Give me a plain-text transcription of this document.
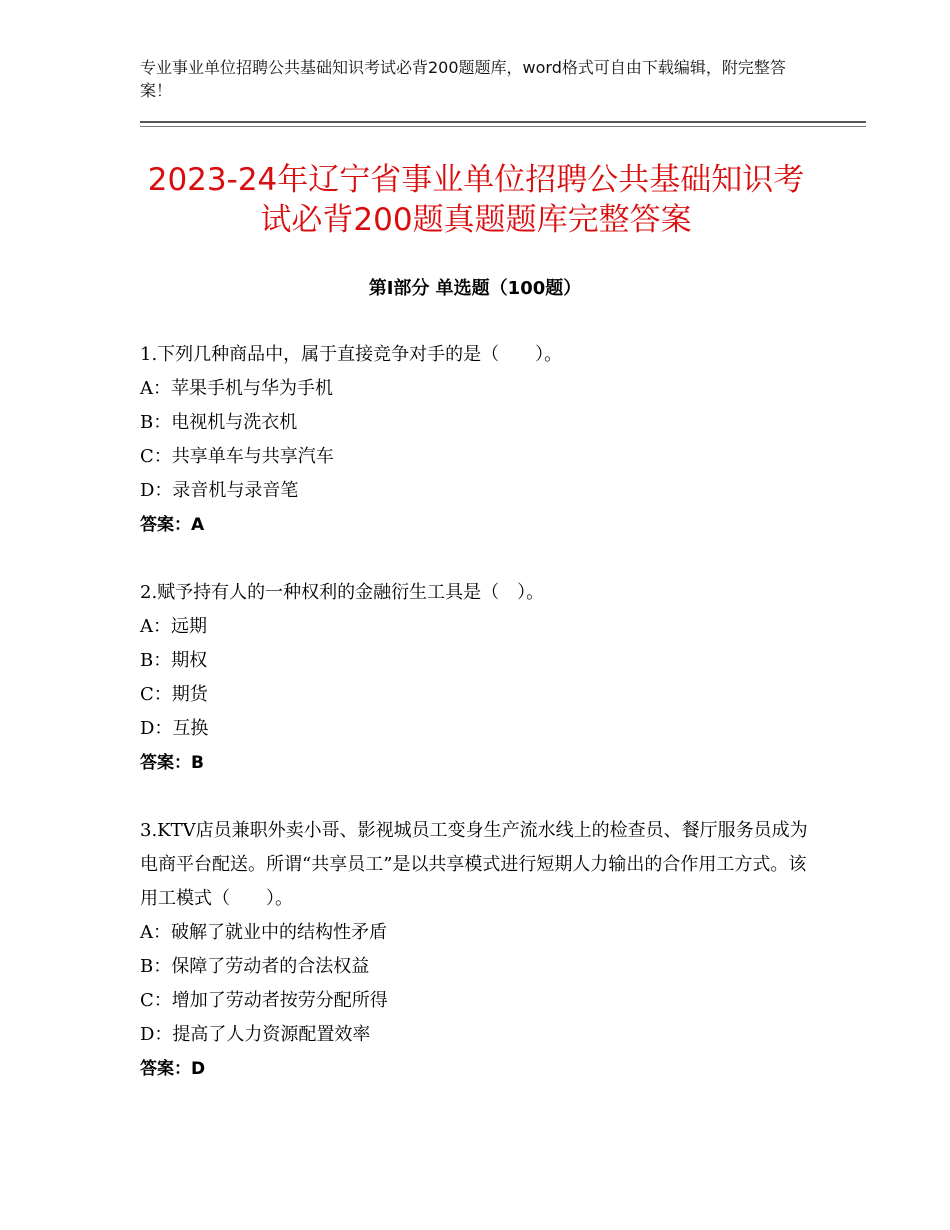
专业事业单位招聘公共基础知识考试必背200题题库，word格式可自由下载编辑，附完整答案！
2023-24年辽宁省事业单位招聘公共基础知识考试必背200题真题题库完整答案
第Ⅰ部分 单选题（100题）

1.下列几种商品中，属于直接竞争对手的是（　　）。

A：苹果手机与华为手机

B：电视机与洗衣机

C：共享单车与共享汽车

D：录音机与录音笔

答案：A

2.赋予持有人的一种权利的金融衍生工具是（　）。

A：远期

B：期权

C：期货

D：互换

答案：B

3.KTV店员兼职外卖小哥、影视城员工变身生产流水线上的检查员、餐厅服务员成为电商平台配送。所谓“共享员工”是以共享模式进行短期人力输出的合作用工方式。该用工模式（　　）。

A：破解了就业中的结构性矛盾

B：保障了劳动者的合法权益

C：增加了劳动者按劳分配所得

D：提高了人力资源配置效率

答案：D
